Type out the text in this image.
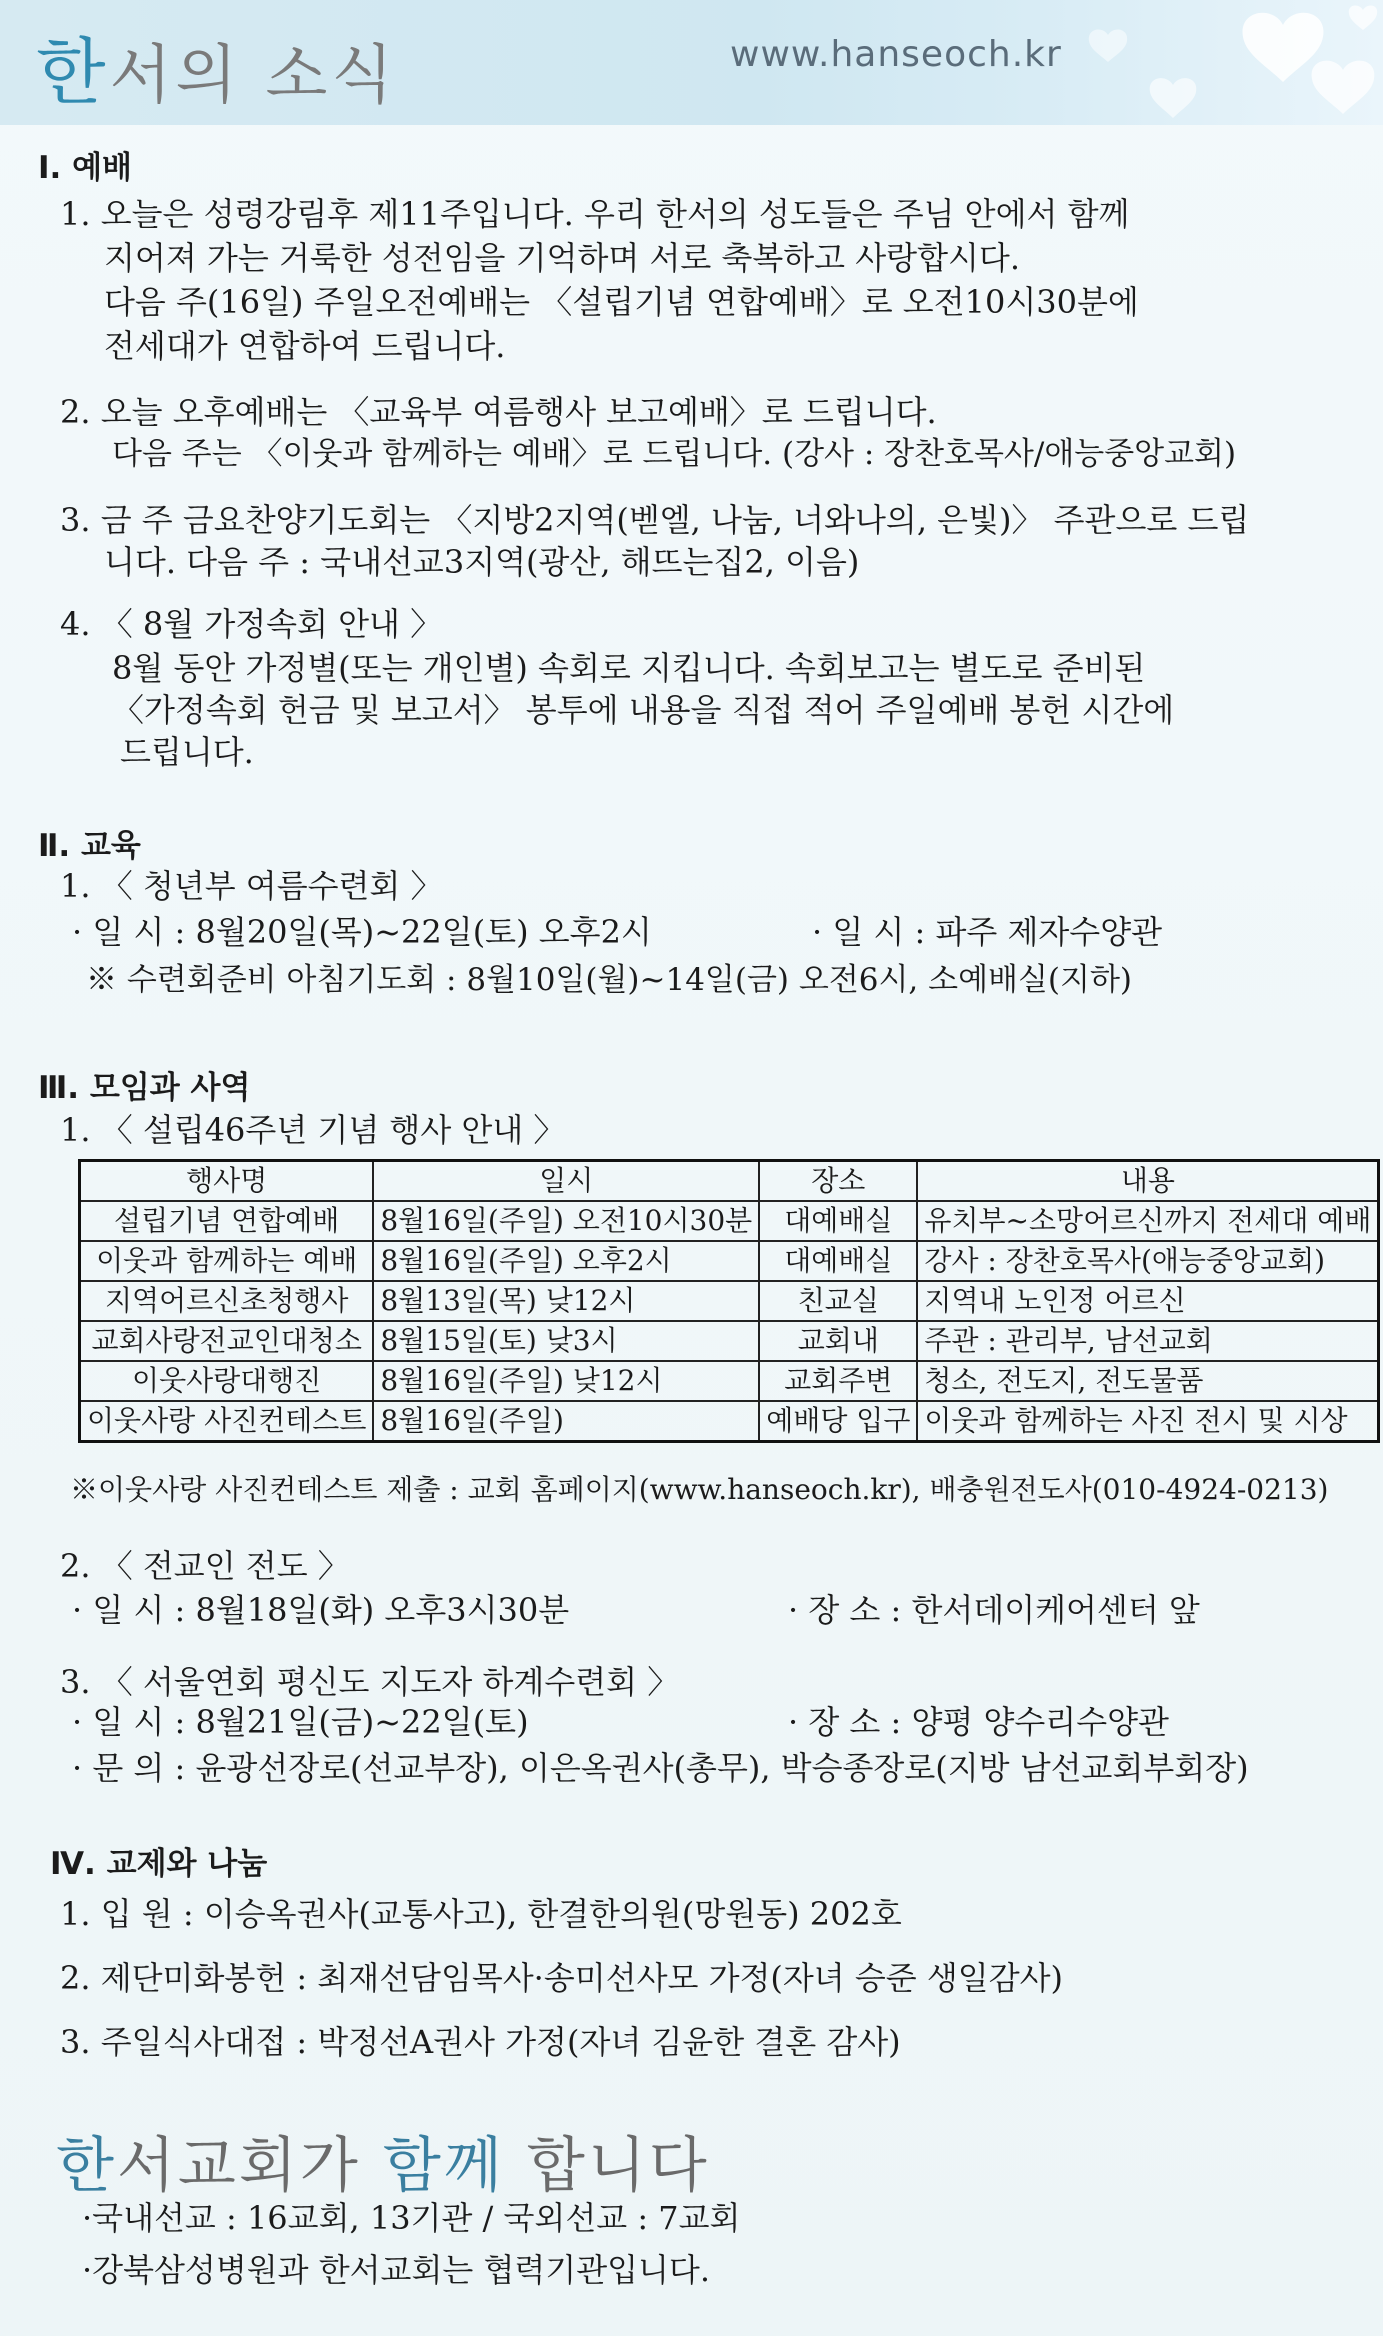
한서의 소식	www.hanseoch.kr
Ⅰ. 예배
1. 오늘은 성령강림후 제11주입니다. 우리 한서의 성도들은 주님 안에서 함께
지어져 가는 거룩한 성전임을 기억하며 서로 축복하고 사랑합시다.
다음 주(16일) 주일오전예배는 〈설립기념 연합예배〉로 오전10시30분에
전세대가 연합하여 드립니다.
2. 오늘 오후예배는 〈교육부 여름행사 보고예배〉로 드립니다.
다음 주는 〈이웃과 함께하는 예배〉로 드립니다. (강사 : 장찬호목사/애능중앙교회)
3. 금 주 금요찬양기도회는 〈지방2지역(벧엘, 나눔, 너와나의, 은빛)〉 주관으로 드립
니다. 다음 주 : 국내선교3지역(광산, 해뜨는집2, 이음)
4. 〈 8월 가정속회 안내 〉
8월 동안 가정별(또는 개인별) 속회로 지킵니다. 속회보고는 별도로 준비된
〈가정속회 헌금 및 보고서〉 봉투에 내용을 직접 적어 주일예배 봉헌 시간에
드립니다.
Ⅱ. 교육
1. 〈 청년부 여름수련회 〉
· 일 시 : 8월20일(목)~22일(토) 오후2시	· 일 시 : 파주 제자수양관
※ 수련회준비 아침기도회 : 8월10일(월)~14일(금) 오전6시, 소예배실(지하)
Ⅲ. 모임과 사역
1. 〈 설립46주년 기념 행사 안내 〉
행사명	일시	장소	내용
설립기념 연합예배	8월16일(주일) 오전10시30분	대예배실	유치부~소망어르신까지 전세대 예배
이웃과 함께하는 예배	8월16일(주일) 오후2시	대예배실	강사 : 장찬호목사(애능중앙교회)
지역어르신초청행사	8월13일(목) 낮12시	친교실	지역내 노인정 어르신
교회사랑전교인대청소	8월15일(토) 낮3시	교회내	주관 : 관리부, 남선교회
이웃사랑대행진	8월16일(주일) 낮12시	교회주변	청소, 전도지, 전도물품
이웃사랑 사진컨테스트	8월16일(주일)	예배당 입구	이웃과 함께하는 사진 전시 및 시상
※이웃사랑 사진컨테스트 제출 : 교회 홈페이지(www.hanseoch.kr), 배충원전도사(010-4924-0213)
2. 〈 전교인 전도 〉
· 일 시 : 8월18일(화) 오후3시30분	· 장 소 : 한서데이케어센터 앞
3. 〈 서울연회 평신도 지도자 하계수련회 〉
· 일 시 : 8월21일(금)~22일(토)	· 장 소 : 양평 양수리수양관
· 문 의 : 윤광선장로(선교부장), 이은옥권사(총무), 박승종장로(지방 남선교회부회장)
Ⅳ. 교제와 나눔
1. 입 원 : 이승옥권사(교통사고), 한결한의원(망원동) 202호
2. 제단미화봉헌 : 최재선담임목사·송미선사모 가정(자녀 승준 생일감사)
3. 주일식사대접 : 박정선A권사 가정(자녀 김윤한 결혼 감사)
한서교회가 함께 합니다
·국내선교 : 16교회, 13기관 / 국외선교 : 7교회
·강북삼성병원과 한서교회는 협력기관입니다.
